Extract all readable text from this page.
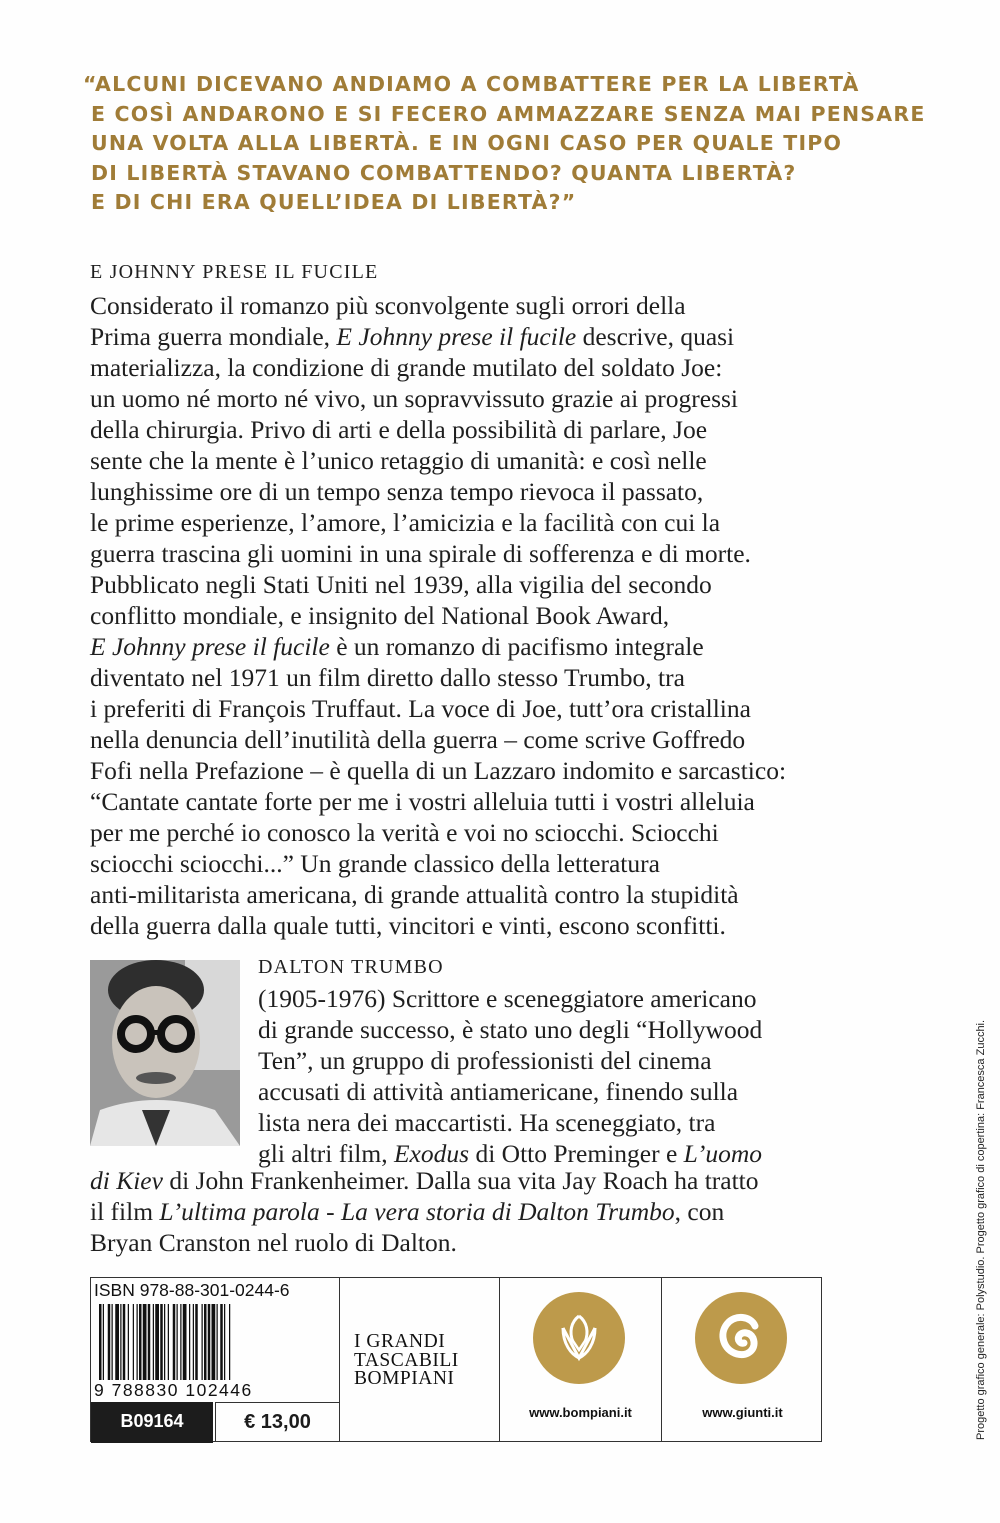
“ALCUNI DICEVANO ANDIAMO A COMBATTERE PER LA LIBERTÀ
E COSÌ ANDARONO E SI FECERO AMMAZZARE SENZA MAI PENSARE
UNA VOLTA ALLA LIBERTÀ. E IN OGNI CASO PER QUALE TIPO
DI LIBERTÀ STAVANO COMBATTENDO? QUANTA LIBERTÀ?
E DI CHI ERA QUELL’IDEA DI LIBERTÀ?”
E JOHNNY PRESE IL FUCILE
Considerato il romanzo più sconvolgente sugli orrori della
Prima guerra mondiale, E Johnny prese il fucile descrive, quasi
materializza, la condizione di grande mutilato del soldato Joe:
un uomo né morto né vivo, un sopravvissuto grazie ai progressi
della chirurgia. Privo di arti e della possibilità di parlare, Joe
sente che la mente è l’unico retaggio di umanità: e così nelle
lunghissime ore di un tempo senza tempo rievoca il passato,
le prime esperienze, l’amore, l’amicizia e la facilità con cui la
guerra trascina gli uomini in una spirale di sofferenza e di morte.
Pubblicato negli Stati Uniti nel 1939, alla vigilia del secondo
conflitto mondiale, e insignito del National Book Award,
E Johnny prese il fucile è un romanzo di pacifismo integrale
diventato nel 1971 un film diretto dallo stesso Trumbo, tra
i preferiti di François Truffaut. La voce di Joe, tutt’ora cristallina
nella denuncia dell’inutilità della guerra – come scrive Goffredo
Fofi nella Prefazione – è quella di un Lazzaro indomito e sarcastico:
“Cantate cantate forte per me i vostri alleluia tutti i vostri alleluia
per me perché io conosco la verità e voi no sciocchi. Sciocchi
sciocchi sciocchi...” Un grande classico della letteratura
anti-militarista americana, di grande attualità contro la stupidità
della guerra dalla quale tutti, vincitori e vinti, escono sconfitti.
DALTON TRUMBO
(1905-1976) Scrittore e sceneggiatore americano
di grande successo, è stato uno degli “Hollywood
Ten”, un gruppo di professionisti del cinema
accusati di attività antiamericane, finendo sulla
lista nera dei maccartisti. Ha sceneggiato, tra
gli altri film, Exodus di Otto Preminger e L’uomo
di Kiev di John Frankenheimer. Dalla sua vita Jay Roach ha tratto
il film L’ultima parola - La vera storia di Dalton Trumbo, con
Bryan Cranston nel ruolo di Dalton.
ISBN 978-88-301-0244-6
9 788830 102446
B09164	€ 13,00
I GRANDI
TASCABILI
BOMPIANI
www.bompiani.it	www.giunti.it	Progetto grafico generale: Polystudio. Progetto grafico di copertina: Francesca Zucchi.
